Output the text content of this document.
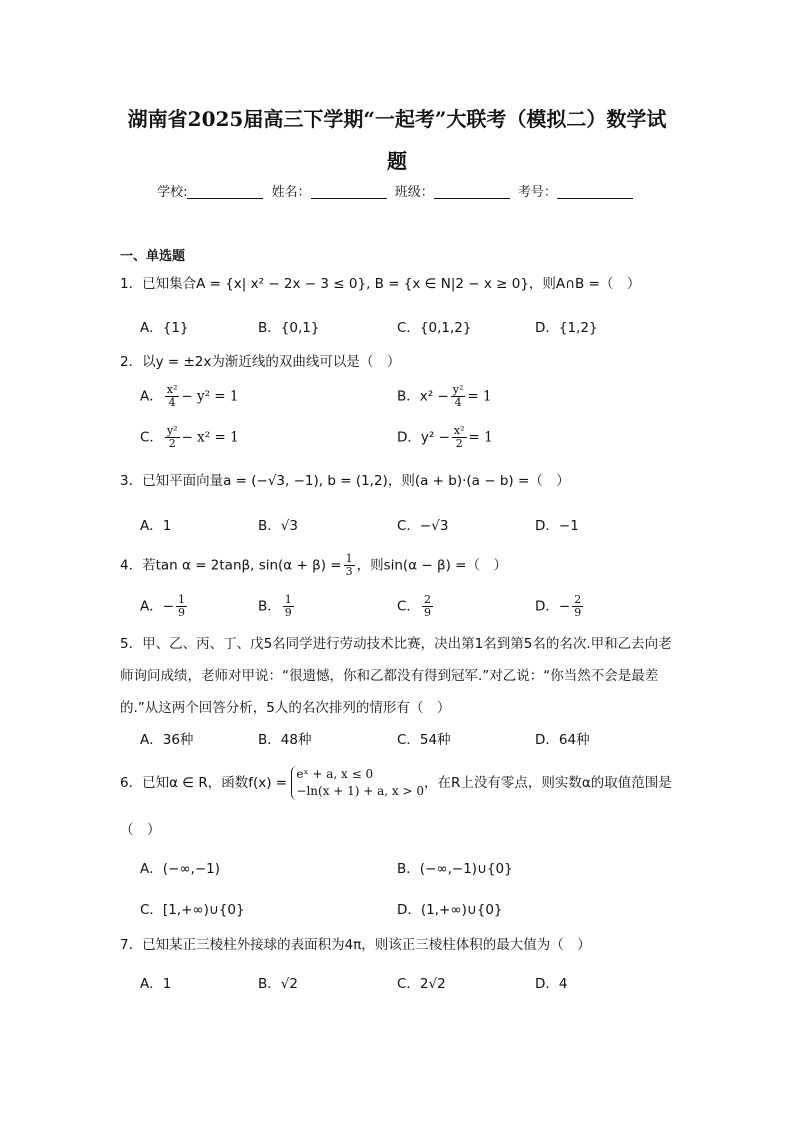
湖南省2025届高三下学期“一起考”大联考（模拟二）数学试
题
学校:	姓名：	班级：	考号：
一、单选题
1．已知集合A = {x| x² − 2x − 3 ≤ 0}, B = {x ∈ N|2 − x ≥ 0}，则A∩B =（　）
A．{1}	B．{0,1}	C．{0,1,2}	D．{1,2}
2．以y = ±2x为渐近线的双曲线可以是（　）
A． $\frac{\text{x²}}{4} - y^2 = 1$	B．$x^2 - \frac{\text{y²}}{4} = 1$
C． $\frac{\text{y²}}{2} - x^2 = 1$	D．$y^2 - \frac{\text{x²}}{2} = 1$
3．已知平面向量a = (−√3, −1), b = (1,2)，则(a + b)·(a − b) =（　）
A．1	B．√3	C．−√3	D．−1
4．若tan α = 2tanβ, $\sin(\alpha + \beta) = \frac{1}{3}$ ，则sin(α − β) =（　）
A．− $\frac{1}{9}$	B． $\frac{1}{9}$	C． $\frac{2}{9}$	D．− $\frac{2}{9}$
5．甲、乙、丙、丁、戊5名同学进行劳动技术比赛，决出第1名到第5名的名次.甲和乙去向老师询问成绩，老师对甲说：“很遗憾，你和乙都没有得到冠军.”对乙说：“你当然不会是最差的.”从这两个回答分析，5人的名次排列的情形有（　）
A．36种	B．48种	C．54种	D．64种
6．已知α ∈ R，函数f(x) =
eˣ + a, x ≤ 0
−ln(x + 1) + a, x > 0 ，在R上没有零点，则实数α的取值范围是
（　）
A．(−∞,−1)	B．(−∞,−1)∪{0}
C．[1,+∞)∪{0}	D．(1,+∞)∪{0}
7．已知某正三棱柱外接球的表面积为4π，则该正三棱柱体积的最大值为（　）
A．1	B．√2	C．2√2	D．4
